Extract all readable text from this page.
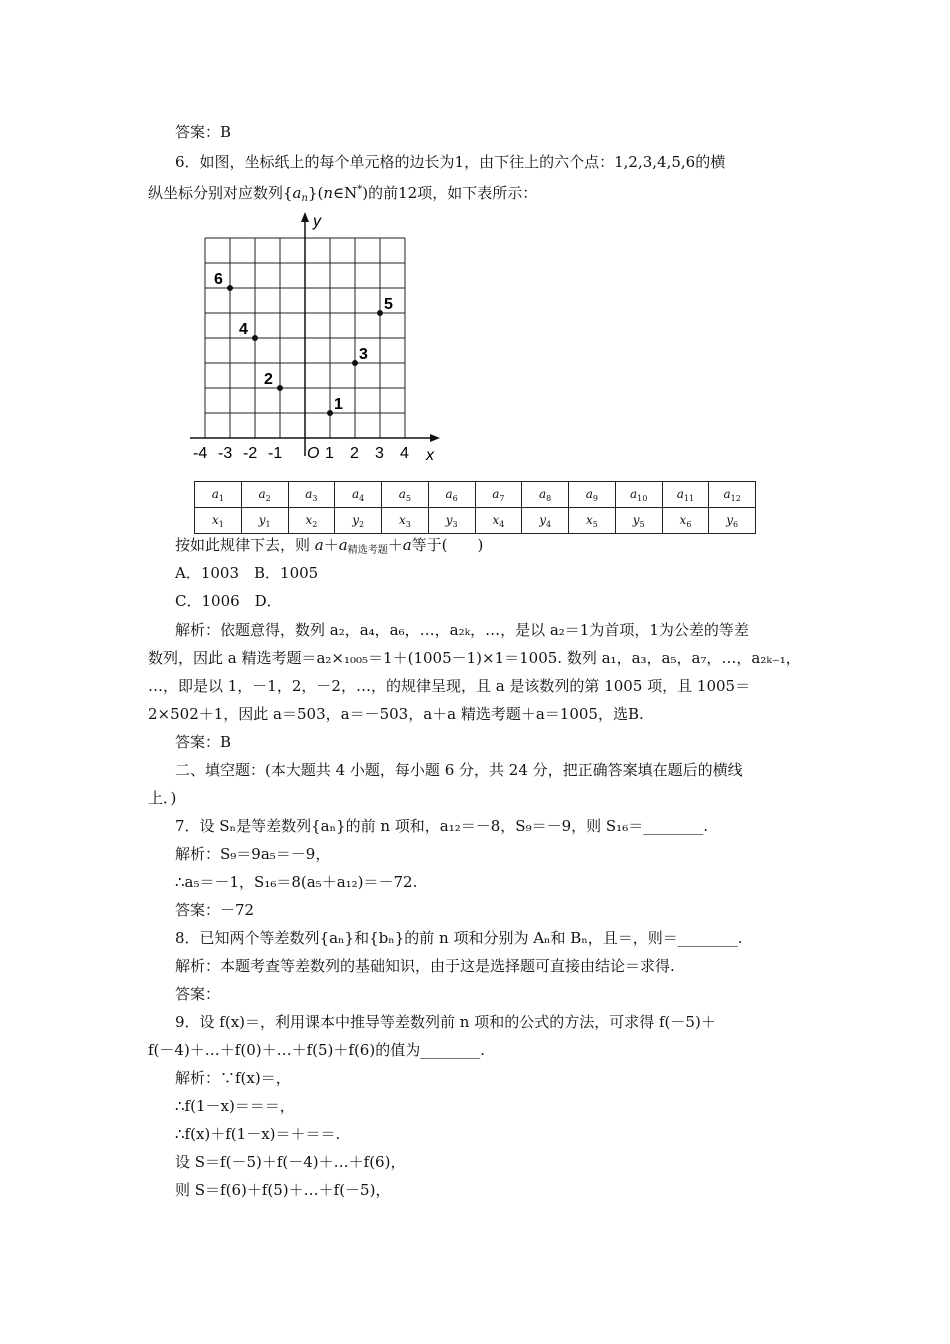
答案：B
6．如图，坐标纸上的每个单元格的边长为1，由下往上的六个点：1,2,3,4,5,6的横
纵坐标分别对应数列$\{a_n\}(n\in N^*)$的前12项，如下表所示：
y
x
O
-4 -3 -2 -1	1 2 3 4
1
2
3
4
5
6
$a_1$	$a_2$	$a_3$	$a_4$	$a_5$	$a_6$	$a_7$	$a_8$	$a_9$	$a_{10}$	$a_{11}$	$a_{12}$
$x_1$	$y_1$	$x_2$	$y_2$	$x_3$	$y_3$	$x_4$	$y_4$	$x_5$	$y_5$	$x_6$	$y_6$
按如此规律下去，则 $a+a_{精选考题}+a$等于(　　)
A．1003　B．1005
C．1006　D．
解析：依题意得，数列 a₂，a₄，a₆，…，a₂ₖ，…，是以 a₂＝1为首项，1为公差的等差
数列，因此 a 精选考题＝a₂×₁₀₀₅＝1＋(1005－1)×1＝1005. 数列 a₁，a₃，a₅，a₇，…，a₂ₖ₋₁，
…，即是以 1，－1，2，－2，…，的规律呈现，且 a 是该数列的第 1005 项，且 1005＝
2×502＋1，因此 a＝503，a＝－503，a＋a 精选考题＋a＝1005，选B.
答案：B
二、填空题：(本大题共 4 小题，每小题 6 分，共 24 分，把正确答案填在题后的横线
上．)
7．设 Sₙ是等差数列{aₙ}的前 n 项和，a₁₂＝－8，S₉＝－9，则 S₁₆＝________.
解析：S₉＝9a₅＝－9，
∴a₅＝－1，S₁₆＝8(a₅＋a₁₂)＝－72.
答案：－72
8．已知两个等差数列{aₙ}和{bₙ}的前 n 项和分别为 Aₙ和 Bₙ，且＝，则＝________.
解析：本题考查等差数列的基础知识，由于这是选择题可直接由结论＝求得.
答案：
9．设 f(x)＝，利用课本中推导等差数列前 n 项和的公式的方法，可求得 f(－5)＋
f(－4)＋…＋f(0)＋…＋f(5)＋f(6)的值为________.
解析：∵f(x)＝，
∴f(1－x)＝＝＝，
∴f(x)＋f(1－x)＝＋＝＝.
设 S＝f(－5)＋f(－4)＋…＋f(6)，
则 S＝f(6)＋f(5)＋…＋f(－5)，
